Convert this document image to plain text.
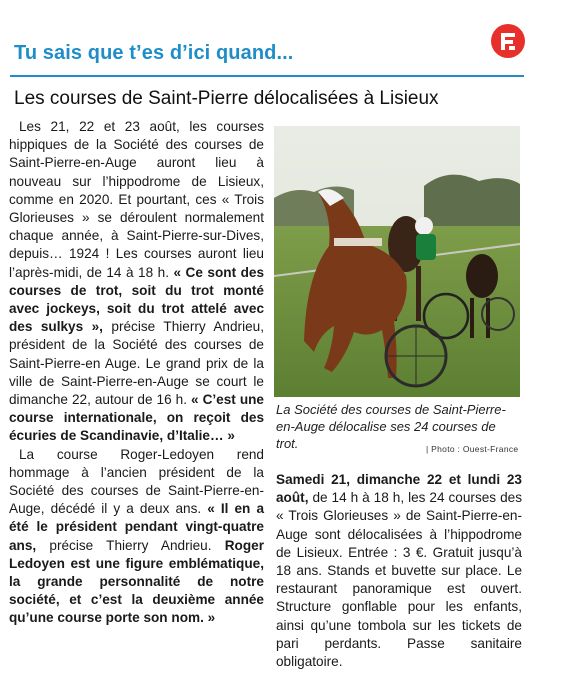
Tu sais que t’es d’ici quand...
Les courses de Saint-Pierre délocalisées à Lisieux

Les 21, 22 et 23 août, les courses hippiques de la Société des courses de Saint-Pierre-en-Auge auront lieu à nouveau sur l’hippodrome de Lisieux, comme en 2020. Et pourtant, ces « Trois Glorieuses » se déroulent normalement chaque année, à Saint-Pierre-sur-Dives, depuis… 1924 ! Les courses auront lieu l’après-midi, de 14 à 18 h. « Ce sont des courses de trot, soit du trot monté avec jockeys, soit du trot attelé avec des sulkys », précise Thierry Andrieu, président de la Société des courses de Saint-Pierre-en Auge. Le grand prix de la ville de Saint-Pierre-en-Auge se court le dimanche 22, autour de 16 h. « C’est une course internationale, on reçoit des écuries de Scandinavie, d’Italie… »

La course Roger-Ledoyen rend hommage à l’ancien président de la Société des courses de Saint-Pierre-en-Auge, décédé il y a deux ans. « Il en a été le président pendant vingt-quatre ans, précise Thierry Andrieu. Roger Ledoyen est une figure emblématique, la grande personnalité de notre société, et c’est la deuxième année qu’une course porte son nom. »

La Société des courses de Saint-Pierre-en-Auge délocalise ses 24 courses de trot.	| Photo : Ouest-France

Samedi 21, dimanche 22 et lundi 23 août, de 14 h à 18 h, les 24 courses des « Trois Glorieuses » de Saint-Pierre-en-Auge sont délocalisées à l’hippodrome de Lisieux. Entrée : 3 €. Gratuit jusqu’à 18 ans. Stands et buvette sur place. Le restaurant panoramique est ouvert. Structure gonflable pour les enfants, ainsi qu’une tombola sur les tickets de pari perdants. Passe sanitaire obligatoire.
